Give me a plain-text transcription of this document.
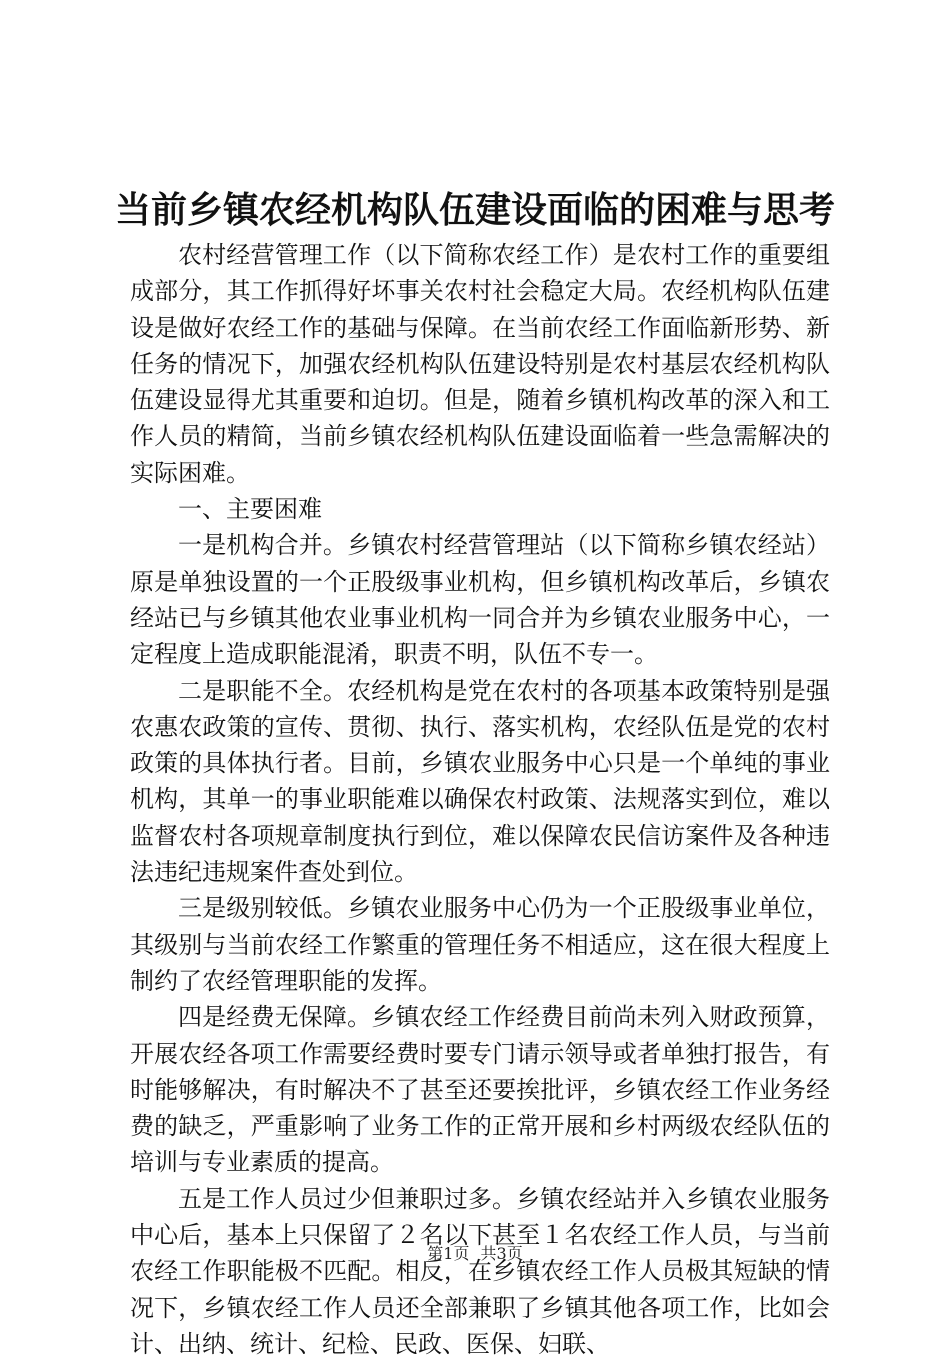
当前乡镇农经机构队伍建设面临的困难与思考

农村经营管理工作（以下简称农经工作）是农村工作的重要组成部分，其工作抓得好坏事关农村社会稳定大局。农经机构队伍建设是做好农经工作的基础与保障。在当前农经工作面临新形势、新任务的情况下，加强农经机构队伍建设特别是农村基层农经机构队伍建设显得尤其重要和迫切。但是，随着乡镇机构改革的深入和工作人员的精简，当前乡镇农经机构队伍建设面临着一些急需解决的实际困难。

一、主要困难

一是机构合并。乡镇农村经营管理站（以下简称乡镇农经站）原是单独设置的一个正股级事业机构，但乡镇机构改革后，乡镇农经站已与乡镇其他农业事业机构一同合并为乡镇农业服务中心，一定程度上造成职能混淆，职责不明，队伍不专一。

二是职能不全。农经机构是党在农村的各项基本政策特别是强农惠农政策的宣传、贯彻、执行、落实机构，农经队伍是党的农村政策的具体执行者。目前，乡镇农业服务中心只是一个单纯的事业机构，其单一的事业职能难以确保农村政策、法规落实到位，难以监督农村各项规章制度执行到位，难以保障农民信访案件及各种违法违纪违规案件查处到位。

三是级别较低。乡镇农业服务中心仍为一个正股级事业单位，其级别与当前农经工作繁重的管理任务不相适应，这在很大程度上制约了农经管理职能的发挥。

四是经费无保障。乡镇农经工作经费目前尚未列入财政预算，开展农经各项工作需要经费时要专门请示领导或者单独打报告，有时能够解决，有时解决不了甚至还要挨批评，乡镇农经工作业务经费的缺乏，严重影响了业务工作的正常开展和乡村两级农经队伍的培训与专业素质的提高。

五是工作人员过少但兼职过多。乡镇农经站并入乡镇农业服务中心后，基本上只保留了２名以下甚至１名农经工作人员，与当前农经工作职能极不匹配。相反，在乡镇农经工作人员极其短缺的情况下，乡镇农经工作人员还全部兼职了乡镇其他各项工作，比如会计、出纳、统计、纪检、民政、医保、妇联、

第1页 共3页
